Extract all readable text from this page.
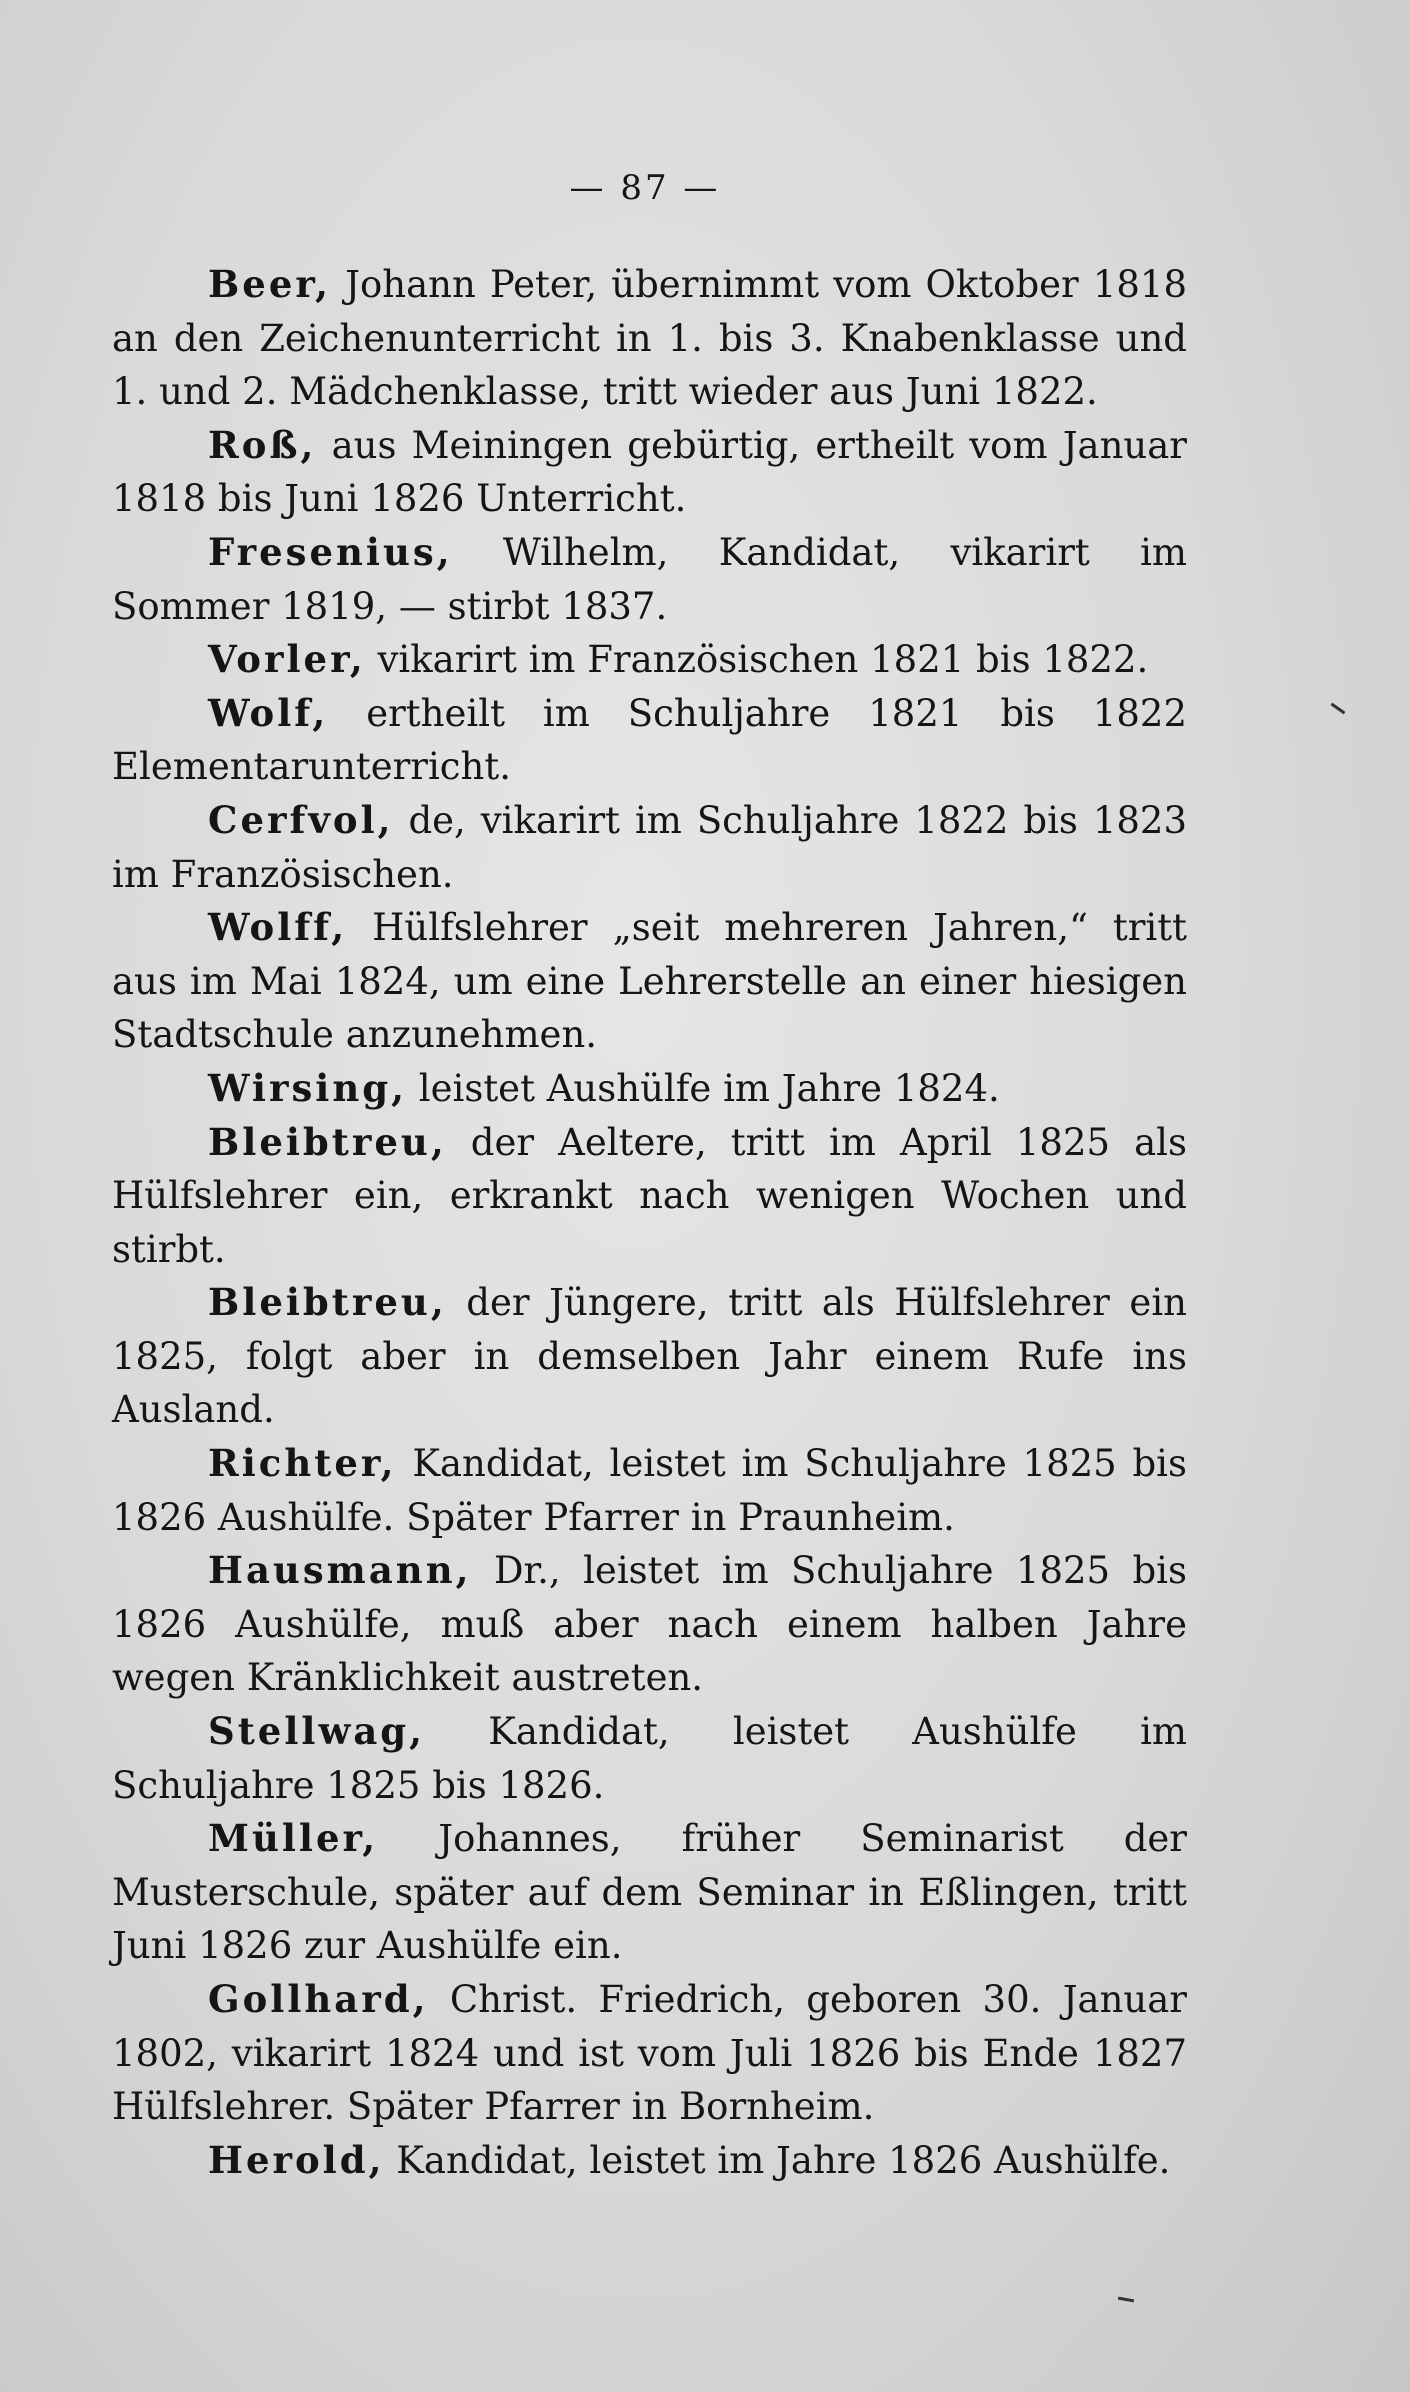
— 87 —

Beer, Johann Peter, übernimmt vom Oktober 1818 an den Zeichenunterricht in 1. bis 3. Knabenklasse und 1. und 2. Mädchenklasse, tritt wieder aus Juni 1822.

Roß, aus Meiningen gebürtig, ertheilt vom Januar 1818 bis Juni 1826 Unterricht.

Fresenius, Wilhelm, Kandidat, vikarirt im Sommer 1819, — stirbt 1837.

Vorler, vikarirt im Französischen 1821 bis 1822.

Wolf, ertheilt im Schuljahre 1821 bis 1822 Elementarunterricht.

Cerfvol, de, vikarirt im Schuljahre 1822 bis 1823 im Französischen.

Wolff, Hülfslehrer „seit mehreren Jahren,“ tritt aus im Mai 1824, um eine Lehrerstelle an einer hiesigen Stadtschule anzunehmen.

Wirsing, leistet Aushülfe im Jahre 1824.

Bleibtreu, der Aeltere, tritt im April 1825 als Hülfslehrer ein, erkrankt nach wenigen Wochen und stirbt.

Bleibtreu, der Jüngere, tritt als Hülfslehrer ein 1825, folgt aber in demselben Jahr einem Rufe ins Ausland.

Richter, Kandidat, leistet im Schuljahre 1825 bis 1826 Aushülfe. Später Pfarrer in Praunheim.

Hausmann, Dr., leistet im Schuljahre 1825 bis 1826 Aushülfe, muß aber nach einem halben Jahre wegen Kränklichkeit austreten.

Stellwag, Kandidat, leistet Aushülfe im Schuljahre 1825 bis 1826.

Müller, Johannes, früher Seminarist der Musterschule, später auf dem Seminar in Eßlingen, tritt Juni 1826 zur Aushülfe ein.

Gollhard, Christ. Friedrich, geboren 30. Januar 1802, vikarirt 1824 und ist vom Juli 1826 bis Ende 1827 Hülfslehrer. Später Pfarrer in Bornheim.

Herold, Kandidat, leistet im Jahre 1826 Aushülfe.
